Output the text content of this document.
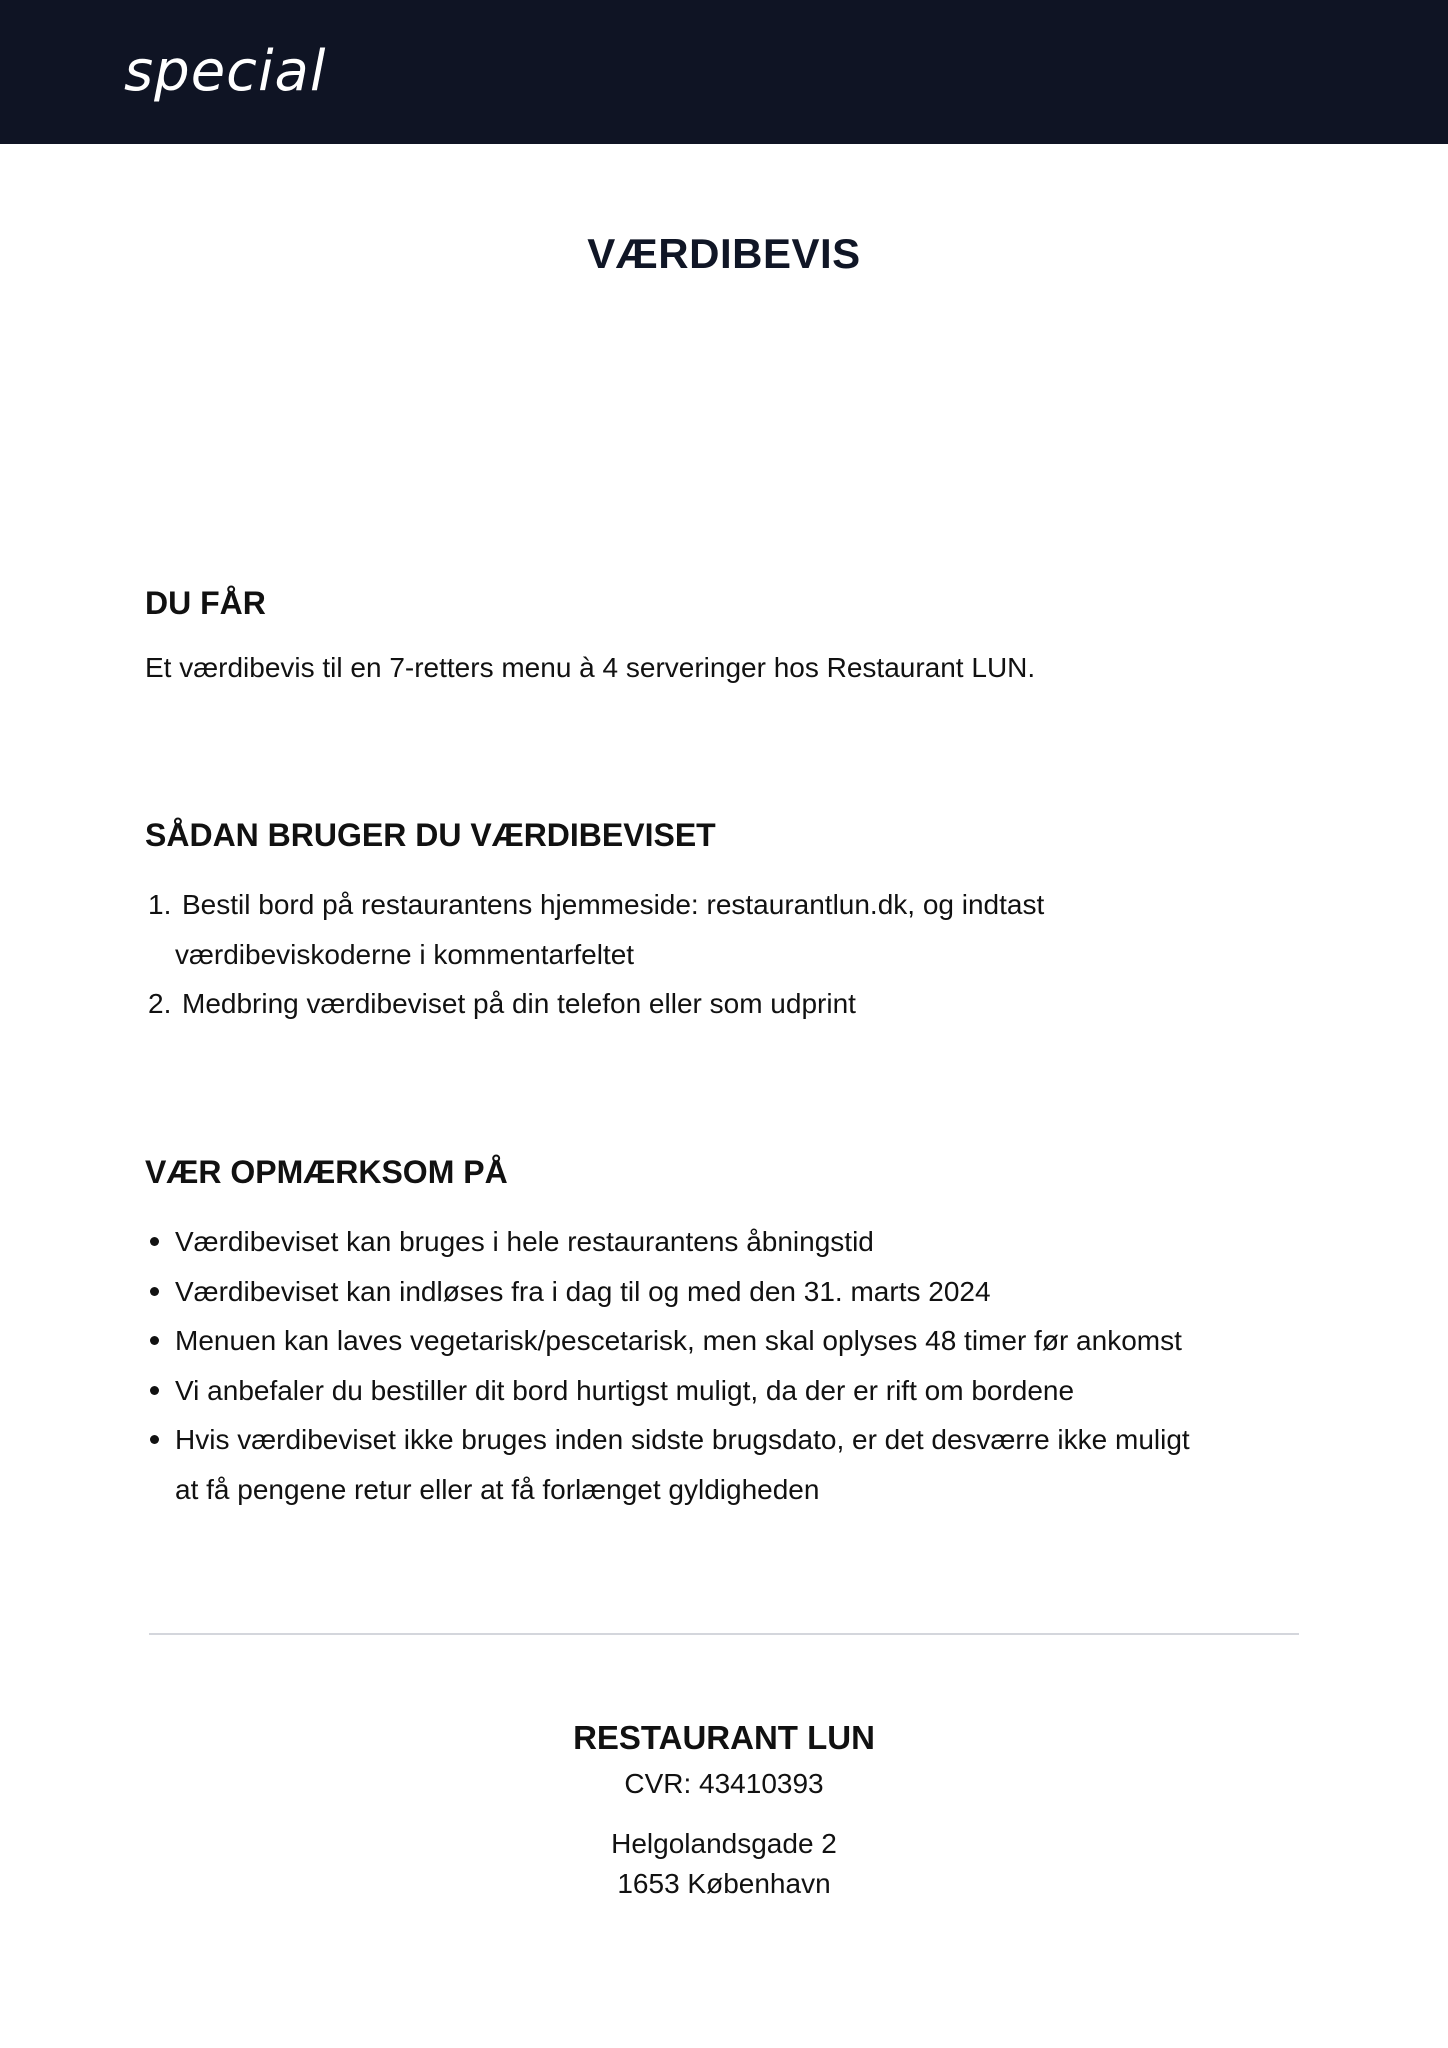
special
VÆRDIBEVIS
DU FÅR

Et værdibevis til en 7-retters menu à 4 serveringer hos Restaurant LUN.

SÅDAN BRUGER DU VÆRDIBEVISET
1. Bestil bord på restaurantens hjemmeside: restaurantlun.dk, og indtast
værdibeviskoderne i kommentarfeltet
2. Medbring værdibeviset på din telefon eller som udprint
VÆR OPMÆRKSOM PÅ
Værdibeviset kan bruges i hele restaurantens åbningstid
Værdibeviset kan indløses fra i dag til og med den 31. marts 2024
Menuen kan laves vegetarisk/pescetarisk, men skal oplyses 48 timer før ankomst
Vi anbefaler du bestiller dit bord hurtigst muligt, da der er rift om bordene
Hvis værdibeviset ikke bruges inden sidste brugsdato, er det desværre ikke muligt
at få pengene retur eller at få forlænget gyldigheden
RESTAURANT LUN
CVR: 43410393
Helgolandsgade 2
1653 København
